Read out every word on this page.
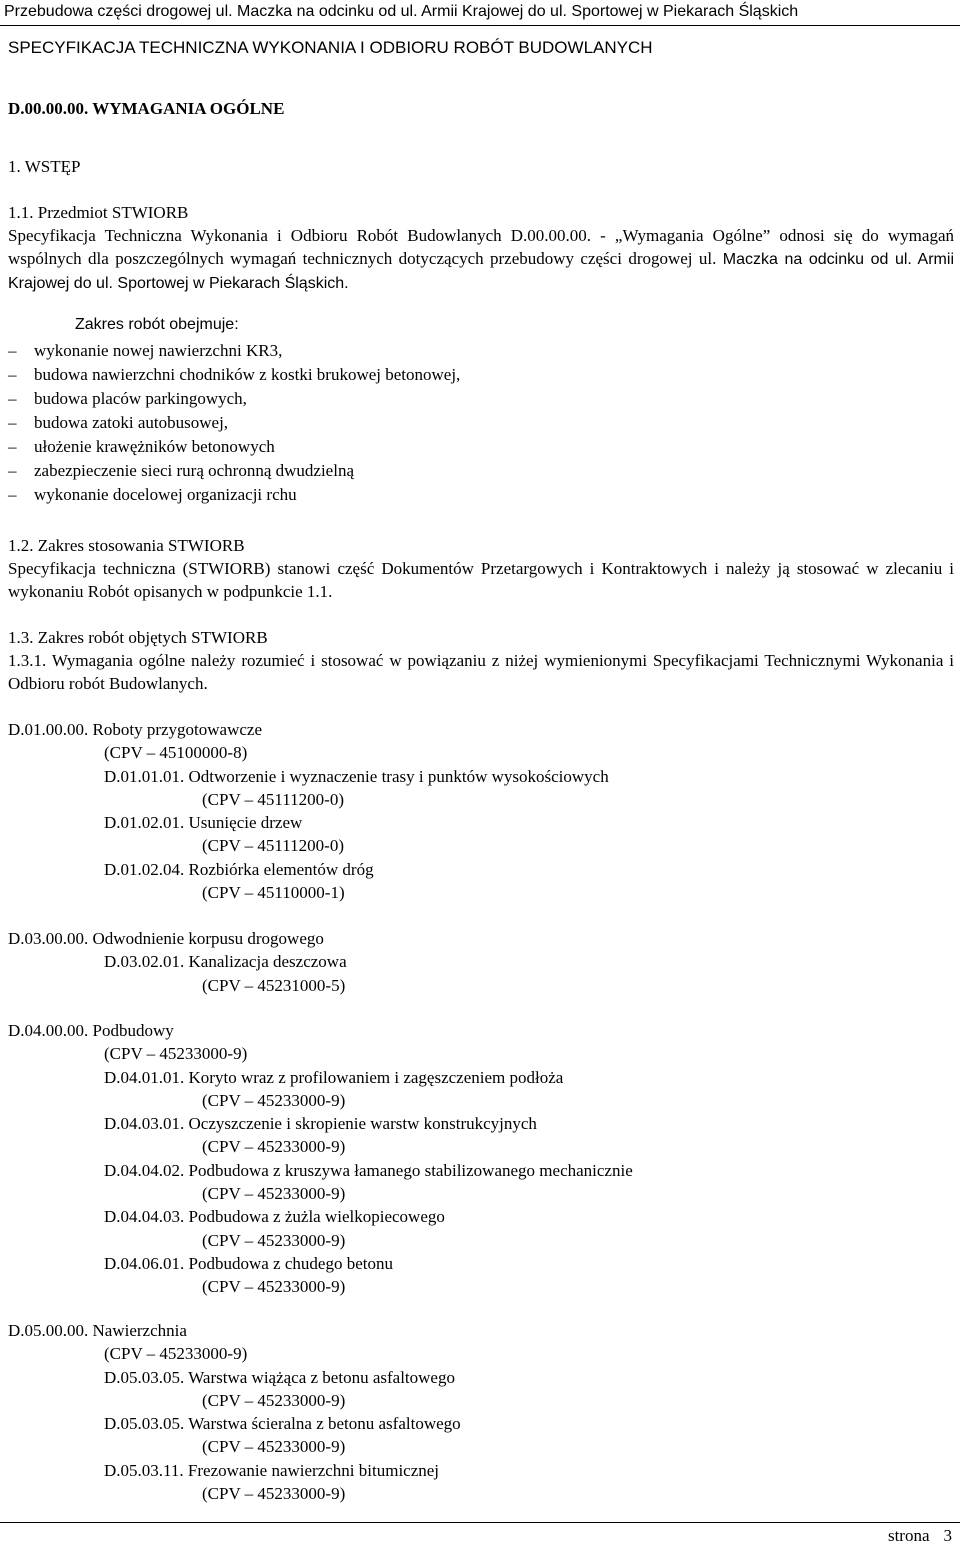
Przebudowa części drogowej ul. Maczka na odcinku od ul. Armii Krajowej do ul. Sportowej w Piekarach Śląskich
SPECYFIKACJA TECHNICZNA WYKONANIA I ODBIORU ROBÓT BUDOWLANYCH
D.00.00.00. WYMAGANIA OGÓLNE
1. WSTĘP
1.1. Przedmiot STWIORB
Specyfikacja Techniczna Wykonania i Odbioru Robót Budowlanych D.00.00.00. - „Wymagania Ogólne” odnosi się do wymagań wspólnych dla poszczególnych wymagań technicznych dotyczących przebudowy części drogowej ul. Maczka na odcinku od ul. Armii Krajowej do ul. Sportowej w Piekarach Śląskich.
Zakres robót obejmuje:
– wykonanie nowej nawierzchni KR3,
– budowa nawierzchni chodników z kostki brukowej betonowej,
– budowa placów parkingowych,
– budowa zatoki autobusowej,
– ułożenie krawężników betonowych
– zabezpieczenie sieci rurą ochronną dwudzielną
– wykonanie docelowej organizacji rchu
1.2. Zakres stosowania STWIORB
Specyfikacja techniczna (STWIORB) stanowi część Dokumentów Przetargowych i Kontraktowych i należy ją stosować w zlecaniu i wykonaniu Robót opisanych w podpunkcie 1.1.
1.3. Zakres robót objętych STWIORB
1.3.1. Wymagania ogólne należy rozumieć i stosować w powiązaniu z niżej wymienionymi Specyfikacjami Technicznymi Wykonania i Odbioru robót Budowlanych.
D.01.00.00. Roboty przygotowawcze
(CPV – 45100000-8)
D.01.01.01. Odtworzenie i wyznaczenie trasy i punktów wysokościowych
(CPV – 45111200-0)
D.01.02.01. Usunięcie drzew
(CPV – 45111200-0)
D.01.02.04. Rozbiórka elementów dróg
(CPV – 45110000-1)
D.03.00.00. Odwodnienie korpusu drogowego
D.03.02.01. Kanalizacja deszczowa
(CPV – 45231000-5)
D.04.00.00. Podbudowy
(CPV – 45233000-9)
D.04.01.01. Koryto wraz z profilowaniem i zagęszczeniem podłoża
(CPV – 45233000-9)
D.04.03.01. Oczyszczenie i skropienie warstw konstrukcyjnych
(CPV – 45233000-9)
D.04.04.02. Podbudowa z kruszywa łamanego stabilizowanego mechanicznie
(CPV – 45233000-9)
D.04.04.03. Podbudowa z żużla wielkopiecowego
(CPV – 45233000-9)
D.04.06.01. Podbudowa z chudego betonu
(CPV – 45233000-9)
D.05.00.00. Nawierzchnia
(CPV – 45233000-9)
D.05.03.05. Warstwa wiążąca z betonu asfaltowego
(CPV – 45233000-9)
D.05.03.05. Warstwa ścieralna z betonu asfaltowego
(CPV – 45233000-9)
D.05.03.11. Frezowanie nawierzchni bitumicznej
(CPV – 45233000-9)
strona 3
